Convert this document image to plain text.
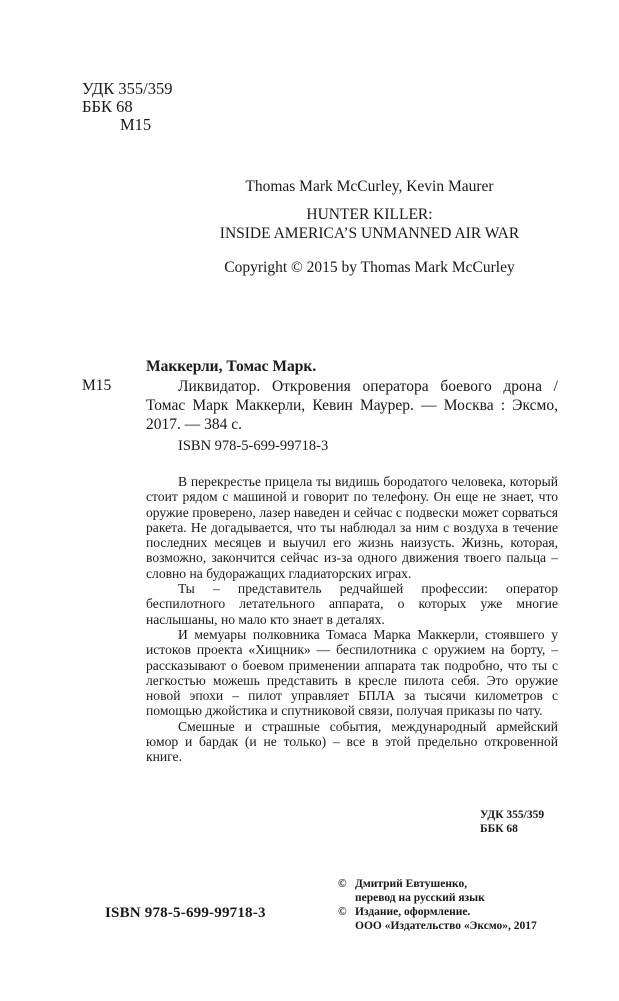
УДК 355/359
ББК 68
М15
Thomas Mark McCurley, Kevin Maurer
HUNTER KILLER:
INSIDE AMERICA’S UNMANNED AIR WAR
Copyright © 2015 by Thomas Mark McCurley
Маккерли, Томас Марк.
М15	Ликвидатор. Откровения оператора боевого дрона / Томас Марк Маккерли, Кевин Маурер. — Москва : Эксмо, 2017. — 384 с.
ISBN 978-5-699-99718-3

В перекрестье прицела ты видишь бородатого человека, который стоит рядом с машиной и говорит по телефону. Он еще не знает, что оружие проверено, лазер наведен и сейчас с подвески может сорваться ракета. Не догадывается, что ты наблюдал за ним с воздуха в течение последних месяцев и выучил его жизнь наизусть. Жизнь, которая, возможно, закончится сейчас из-за одного движения твоего пальца – словно на будоражащих гладиаторских играх.

Ты – представитель редчайшей профессии: оператор беспилотного летательного аппарата, о которых уже многие наслышаны, но мало кто знает в деталях.

И мемуары полковника Томаса Марка Маккерли, стоявшего у истоков проекта «Хищник» — беспилотника с оружием на борту, – рассказывают о боевом применении аппарата так подробно, что ты с легкостью можешь представить в кресле пилота себя. Это оружие новой эпохи – пилот управляет БПЛА за тысячи километров с помощью джойстика и спутниковой связи, получая приказы по чату.

Смешные и страшные события, международный армейский юмор и бардак (и не только) – все в этой предельно откровенной книге.

УДК 355/359
ББК 68
ISBN 978-5-699-99718-3
© Дмитрий Евтушенко,
перевод на русский язык
© Издание, оформление.
ООО «Издательство «Эксмо», 2017
